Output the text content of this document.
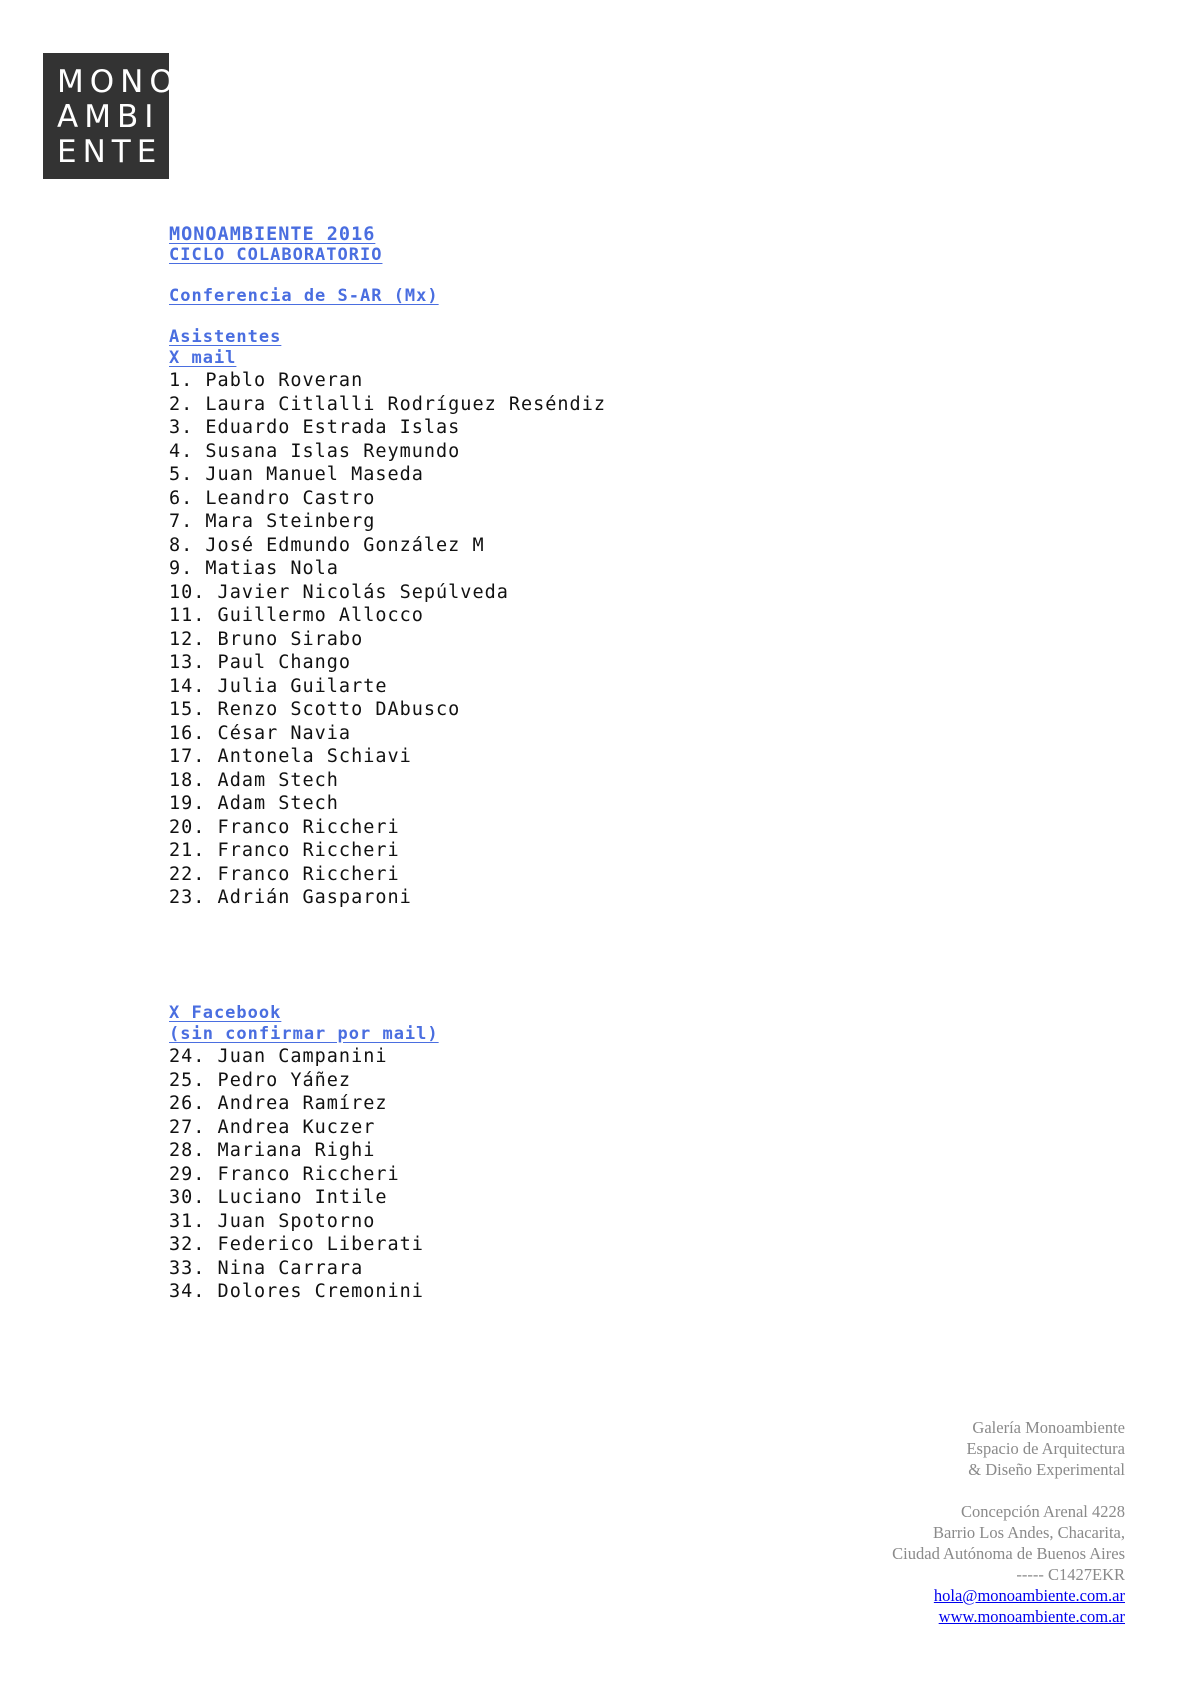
MONO
AMBI
ENTE

MONOAMBIENTE 2016

CICLO COLABORATORIO

Conferencia de S-AR (Mx)

Asistentes

X mail

1. Pablo Roveran
2. Laura Citlalli Rodríguez Reséndiz
3. Eduardo Estrada Islas
4. Susana Islas Reymundo
5. Juan Manuel Maseda
6. Leandro Castro
7. Mara Steinberg
8. José Edmundo González M
9. Matias Nola
10. Javier Nicolás Sepúlveda
11. Guillermo Allocco
12. Bruno Sirabo
13. Paul Chango
14. Julia Guilarte
15. Renzo Scotto DAbusco
16. César Navia
17. Antonela Schiavi
18. Adam Stech
19. Adam Stech
20. Franco Riccheri
21. Franco Riccheri
22. Franco Riccheri
23. Adrián Gasparoni

X Facebook

(sin confirmar por mail)

24. Juan Campanini
25. Pedro Yáñez
26. Andrea Ramírez
27. Andrea Kuczer
28. Mariana Righi
29. Franco Riccheri
30. Luciano Intile
31. Juan Spotorno
32. Federico Liberati
33. Nina Carrara
34. Dolores Cremonini
Galería Monoambiente
Espacio de Arquitectura
& Diseño Experimental
Concepción Arenal 4228
Barrio Los Andes, Chacarita,
Ciudad Autónoma de Buenos Aires
----- C1427EKR
hola@monoambiente.com.ar
www.monoambiente.com.ar
